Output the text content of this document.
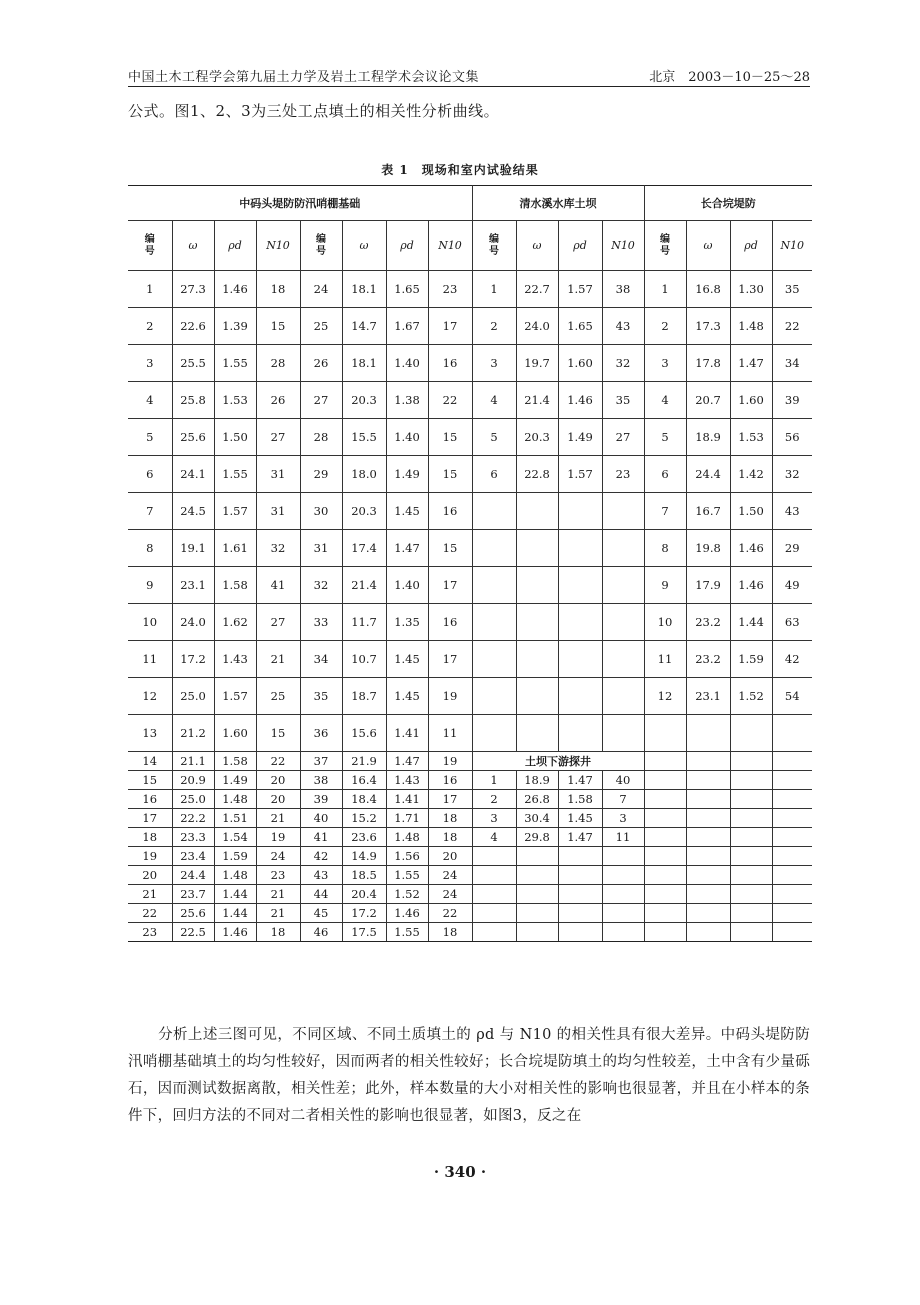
中国土木工程学会第九届土力学及岩土工程学术会议论文集	北京　2003－10－25～28
公式。图1、2、3为三处工点填土的相关性分析曲线。
表 1　现场和室内试验结果
中码头堤防防汛哨棚基础								清水溪水库土坝				长合垸堤防			
编号	ω	ρd	N10	编号	ω	ρd	N10	编号	ω	ρd	N10	编号	ω	ρd	N10
1	27.3	1.46	18	24	18.1	1.65	23	1	22.7	1.57	38	1	16.8	1.30	35
2	22.6	1.39	15	25	14.7	1.67	17	2	24.0	1.65	43	2	17.3	1.48	22
3	25.5	1.55	28	26	18.1	1.40	16	3	19.7	1.60	32	3	17.8	1.47	34
4	25.8	1.53	26	27	20.3	1.38	22	4	21.4	1.46	35	4	20.7	1.60	39
5	25.6	1.50	27	28	15.5	1.40	15	5	20.3	1.49	27	5	18.9	1.53	56
6	24.1	1.55	31	29	18.0	1.49	15	6	22.8	1.57	23	6	24.4	1.42	32
7	24.5	1.57	31	30	20.3	1.45	16					7	16.7	1.50	43
8	19.1	1.61	32	31	17.4	1.47	15					8	19.8	1.46	29
9	23.1	1.58	41	32	21.4	1.40	17					9	17.9	1.46	49
10	24.0	1.62	27	33	11.7	1.35	16					10	23.2	1.44	63
11	17.2	1.43	21	34	10.7	1.45	17					11	23.2	1.59	42
12	25.0	1.57	25	35	18.7	1.45	19					12	23.1	1.52	54
13	21.2	1.60	15	36	15.6	1.41	11								
14	21.1	1.58	22	37	21.9	1.47	19	土坝下游探井							
15	20.9	1.49	20	38	16.4	1.43	16	1	18.9	1.47	40				
16	25.0	1.48	20	39	18.4	1.41	17	2	26.8	1.58	7				
17	22.2	1.51	21	40	15.2	1.71	18	3	30.4	1.45	3				
18	23.3	1.54	19	41	23.6	1.48	18	4	29.8	1.47	11				
19	23.4	1.59	24	42	14.9	1.56	20								
20	24.4	1.48	23	43	18.5	1.55	24								
21	23.7	1.44	21	44	20.4	1.52	24								
22	25.6	1.44	21	45	17.2	1.46	22								
23	22.5	1.46	18	46	17.5	1.55	18								
分析上述三图可见，不同区域、不同土质填土的 ρd 与 N10 的相关性具有很大差异。中码头堤防防汛哨棚基础填土的均匀性较好，因而两者的相关性较好；长合垸堤防填土的均匀性较差，土中含有少量砾石，因而测试数据离散，相关性差；此外，样本数量的大小对相关性的影响也很显著，并且在小样本的条件下，回归方法的不同对二者相关性的影响也很显著，如图3，反之在
· 340 ·
